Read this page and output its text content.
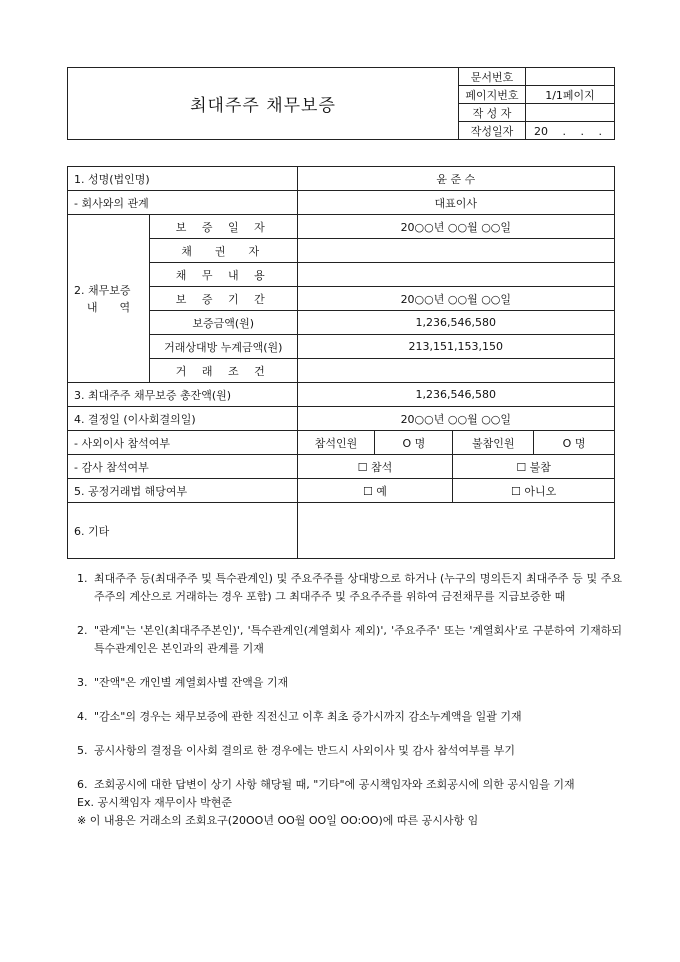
최대주주 채무보증	문서번호	
	페이지번호	1/1페이지
	작 성 자	
	작성일자	20　 .　 .　 .
1. 성명(법인명)		윤 준 수			
- 회사와의 관계		대표이사			

2. 채무보증
내　　역	보 증 일 자	20○○년 ○○월 ○○일			
	채　권　자				
	채 무 내 용				
	보 증 기 간	20○○년 ○○월 ○○일			
	보증금액(원)	1,236,546,580			
	거래상대방 누계금액(원)	213,151,153,150			
	거 래 조 건				
3. 최대주주 채무보증 총잔액(원)		1,236,546,580			
4. 결정일 (이사회결의일)		20○○년 ○○월 ○○일			
- 사외이사 참석여부		참석인원	O 명	불참인원	O 명
- 감사 참석여부		☐ 참석		☐ 불참	
5. 공정거래법 해당여부		☐ 예		☐ 아니오	
6. 기타					
1. 최대주주 등(최대주주 및 특수관계인) 및 주요주주를 상대방으로 하거나 (누구의 명의든지 최대주주 등 및 주요주주의 계산으로 거래하는 경우 포함) 그 최대주주 및 주요주주를 위하여 금전채무를 지급보증한 때
2. "관계"는 '본인(최대주주본인)', '특수관계인(계열회사 제외)', '주요주주' 또는 '계열회사'로 구분하여 기재하되 특수관계인은 본인과의 관계를 기재
3. "잔액"은 개인별 계열회사별 잔액을 기재
4. "감소"의 경우는 채무보증에 관한 직전신고 이후 최초 증가시까지 감소누계액을 일괄 기재
5. 공시사항의 결정을 이사회 결의로 한 경우에는 반드시 사외이사 및 감사 참석여부를 부기
6. 조회공시에 대한 답변이 상기 사항 해당될 때, "기타"에 공시책임자와 조회공시에 의한 공시임을 기재
Ex. 공시책임자 재무이사 박현준
※ 이 내용은 거래소의 조회요구(20OO년 OO월 OO일 OO:OO)에 따른 공시사항 임
